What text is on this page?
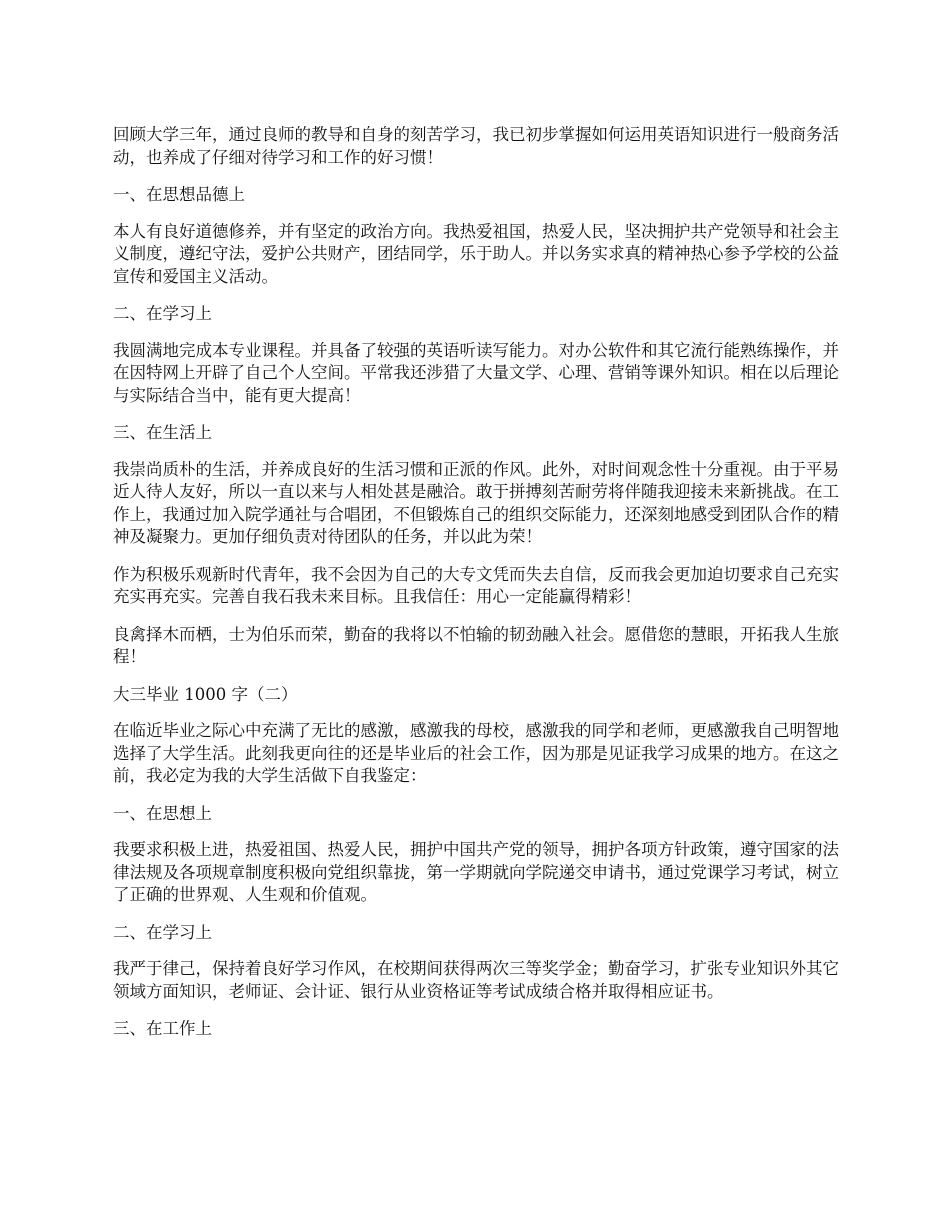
回顾大学三年，通过良师的教导和自身的刻苦学习，我已初步掌握如何运用英语知识进行一般商务活动，也养成了仔细对待学习和工作的好习惯！

一、在思想品德上

本人有良好道德修养，并有坚定的政治方向。我热爱祖国，热爱人民，坚决拥护共产党领导和社会主义制度，遵纪守法，爱护公共财产，团结同学，乐于助人。并以务实求真的精神热心参予学校的公益宣传和爱国主义活动。

二、在学习上

我圆满地完成本专业课程。并具备了较强的英语听读写能力。对办公软件和其它流行能熟练操作，并在因特网上开辟了自己个人空间。平常我还涉猎了大量文学、心理、营销等课外知识。相在以后理论与实际结合当中，能有更大提高！

三、在生活上

我崇尚质朴的生活，并养成良好的生活习惯和正派的作风。此外，对时间观念性十分重视。由于平易近人待人友好，所以一直以来与人相处甚是融洽。敢于拼搏刻苦耐劳将伴随我迎接未来新挑战。在工作上，我通过加入院学通社与合唱团，不但锻炼自己的组织交际能力，还深刻地感受到团队合作的精神及凝聚力。更加仔细负责对待团队的任务，并以此为荣！

作为积极乐观新时代青年，我不会因为自己的大专文凭而失去自信，反而我会更加迫切要求自己充实充实再充实。完善自我石我未来目标。且我信任：用心一定能赢得精彩！

良禽择木而栖，士为伯乐而荣，勤奋的我将以不怕输的韧劲融入社会。愿借您的慧眼，开拓我人生旅程！

大三毕业 1000 字（二）

在临近毕业之际心中充满了无比的感激，感激我的母校，感激我的同学和老师，更感激我自己明智地选择了大学生活。此刻我更向往的还是毕业后的社会工作，因为那是见证我学习成果的地方。在这之前，我必定为我的大学生活做下自我鉴定：

一、在思想上

我要求积极上进，热爱祖国、热爱人民，拥护中国共产党的领导，拥护各项方针政策，遵守国家的法律法规及各项规章制度积极向党组织靠拢，第一学期就向学院递交申请书，通过党课学习考试，树立了正确的世界观、人生观和价值观。

二、在学习上

我严于律己，保持着良好学习作风，在校期间获得两次三等奖学金；勤奋学习，扩张专业知识外其它领域方面知识，老师证、会计证、银行从业资格证等考试成绩合格并取得相应证书。

三、在工作上
